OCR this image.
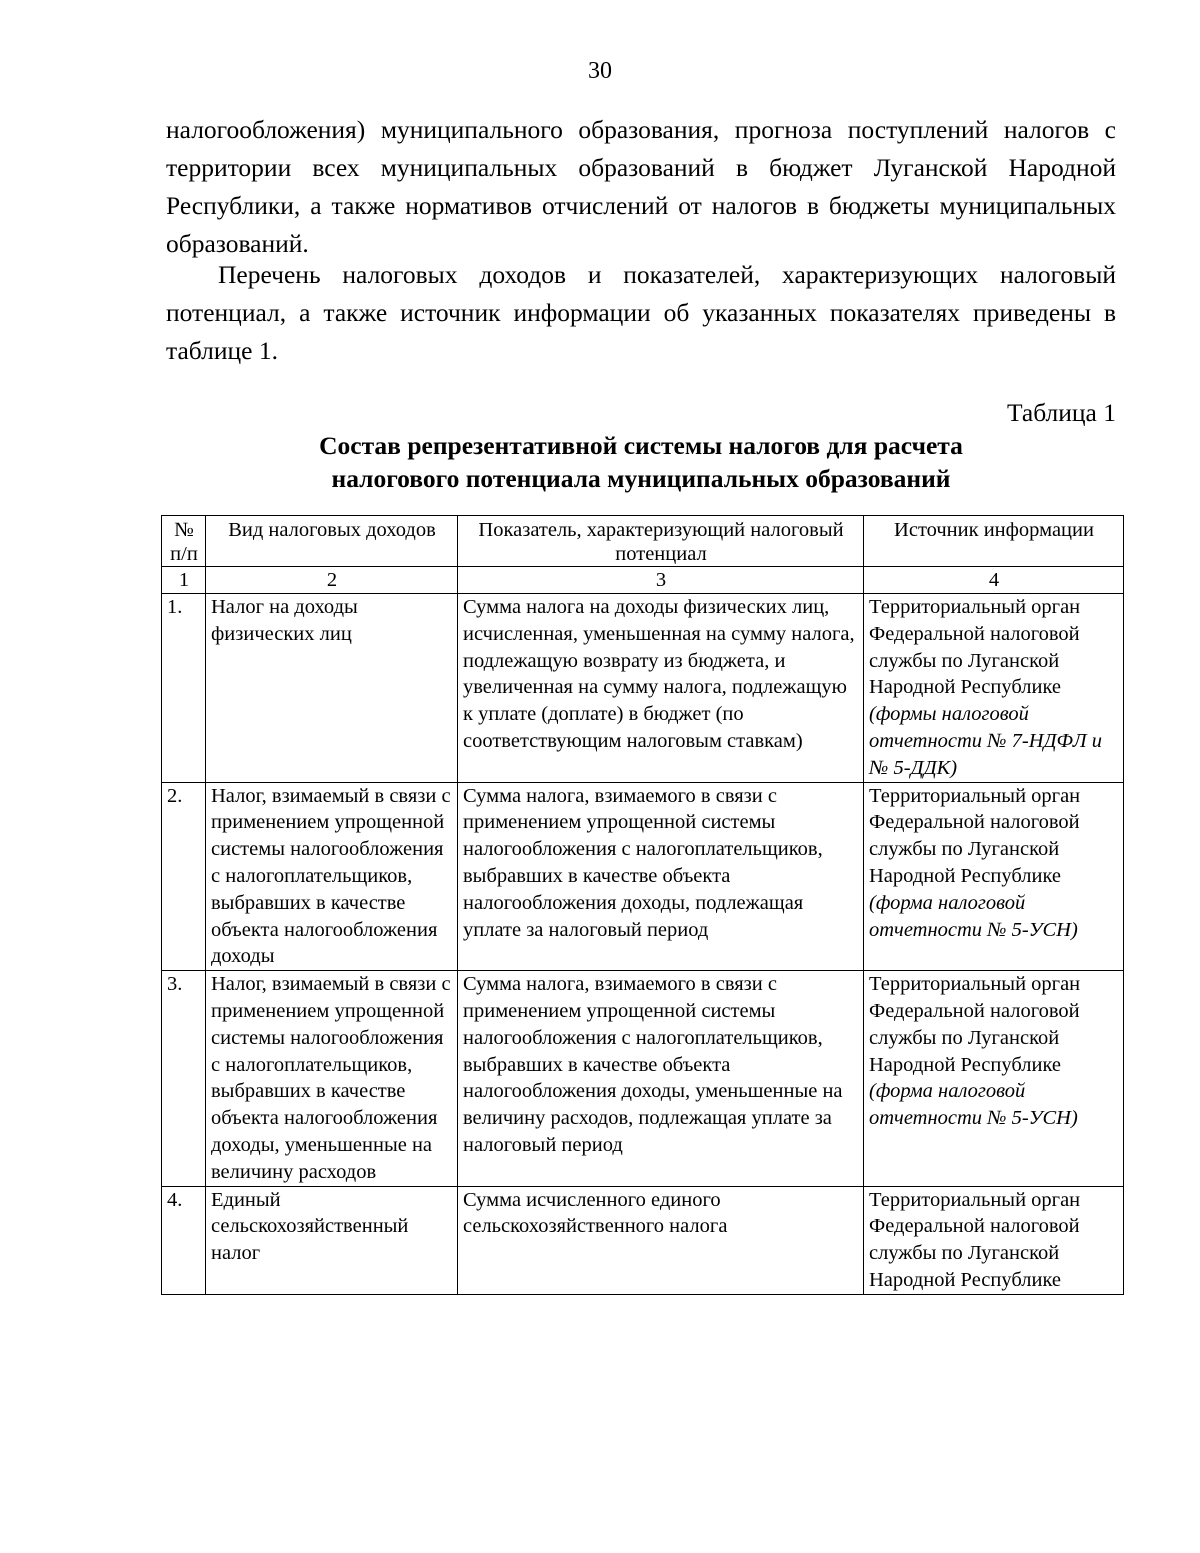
30

налогообложения) муниципального образования, прогноза поступлений налогов с территории всех муниципальных образований в бюджет Луганской Народной Республики, а также нормативов отчислений от налогов в бюджеты муниципальных образований.

Перечень налоговых доходов и показателей, характеризующих налоговый потенциал, а также источник информации об указанных показателях приведены в таблице 1.

Таблица 1
Состав репрезентативной системы налогов для расчета
налогового потенциала муниципальных образований
№
п/п	Вид налоговых доходов	Показатель, характеризующий налоговый потенциал	Источник информации
1	2	3	4
1.	Налог на доходы физических лиц	Сумма налога на доходы физических лиц, исчисленная, уменьшенная на сумму налога, подлежащую возврату из бюджета, и увеличенная на сумму налога, подлежащую к уплате (доплате) в бюджет (по соответствующим налоговым ставкам)	Территориальный орган Федеральной налоговой службы по Луганской Народной Республике (формы налоговой отчетности № 7-НДФЛ и № 5-ДДК)
2.	Налог, взимаемый в связи с применением упрощенной системы налогообложения с налогоплательщиков, выбравших в качестве объекта налогообложения доходы	Сумма налога, взимаемого в связи с применением упрощенной системы налогообложения с налогоплательщиков, выбравших в качестве объекта налогообложения доходы, подлежащая уплате за налоговый период	Территориальный орган Федеральной налоговой службы по Луганской Народной Республике (форма налоговой отчетности № 5-УСН)
3.	Налог, взимаемый в связи с применением упрощенной системы налогообложения с налогоплательщиков, выбравших в качестве объекта налогообложения доходы, уменьшенные на величину расходов	Сумма налога, взимаемого в связи с применением упрощенной системы налогообложения с налогоплательщиков, выбравших в качестве объекта налогообложения доходы, уменьшенные на величину расходов, подлежащая уплате за налоговый период	Территориальный орган Федеральной налоговой службы по Луганской Народной Республике (форма налоговой отчетности № 5-УСН)
4.	Единый сельскохозяйственный налог	Сумма исчисленного единого сельскохозяйственного налога	Территориальный орган Федеральной налоговой службы по Луганской Народной Республике
